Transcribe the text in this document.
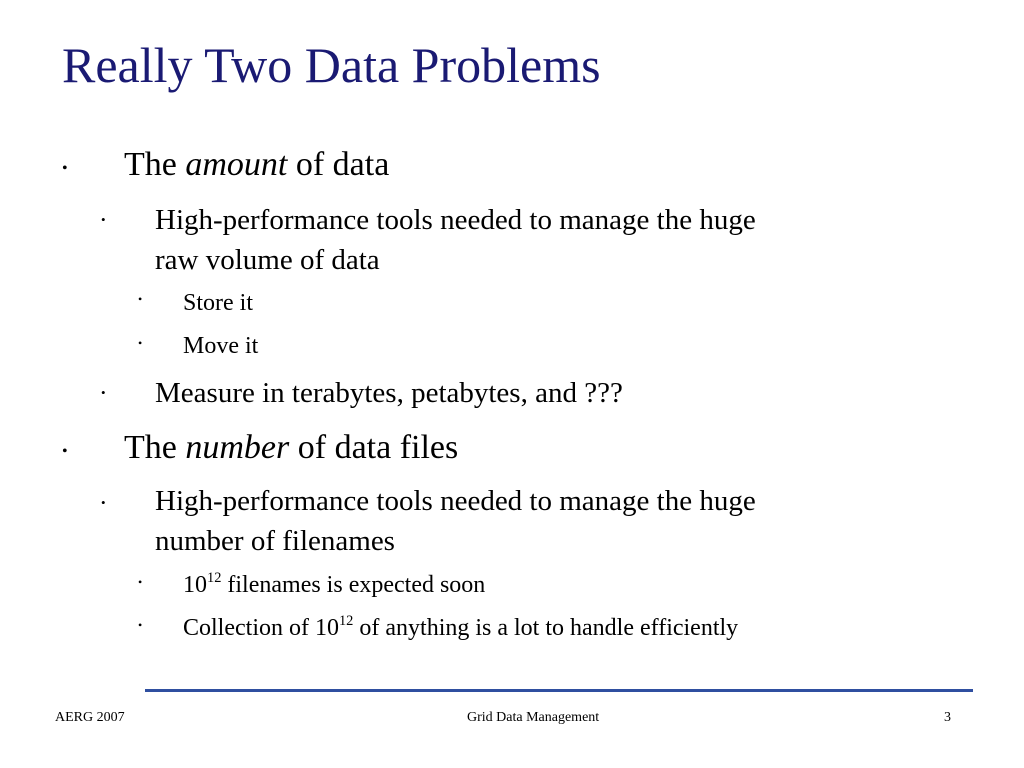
Really Two Data Problems
• The amount of data
• High-performance tools needed to manage the huge
raw volume of data
• Store it
• Move it
• Measure in terabytes, petabytes, and ???
• The number of data files
• High-performance tools needed to manage the huge
number of filenames
• $10^{12}$ filenames is expected soon
• Collection of $10^{12}$ of anything is a lot to handle efficiently
AERG 2007	Grid Data Management	3
